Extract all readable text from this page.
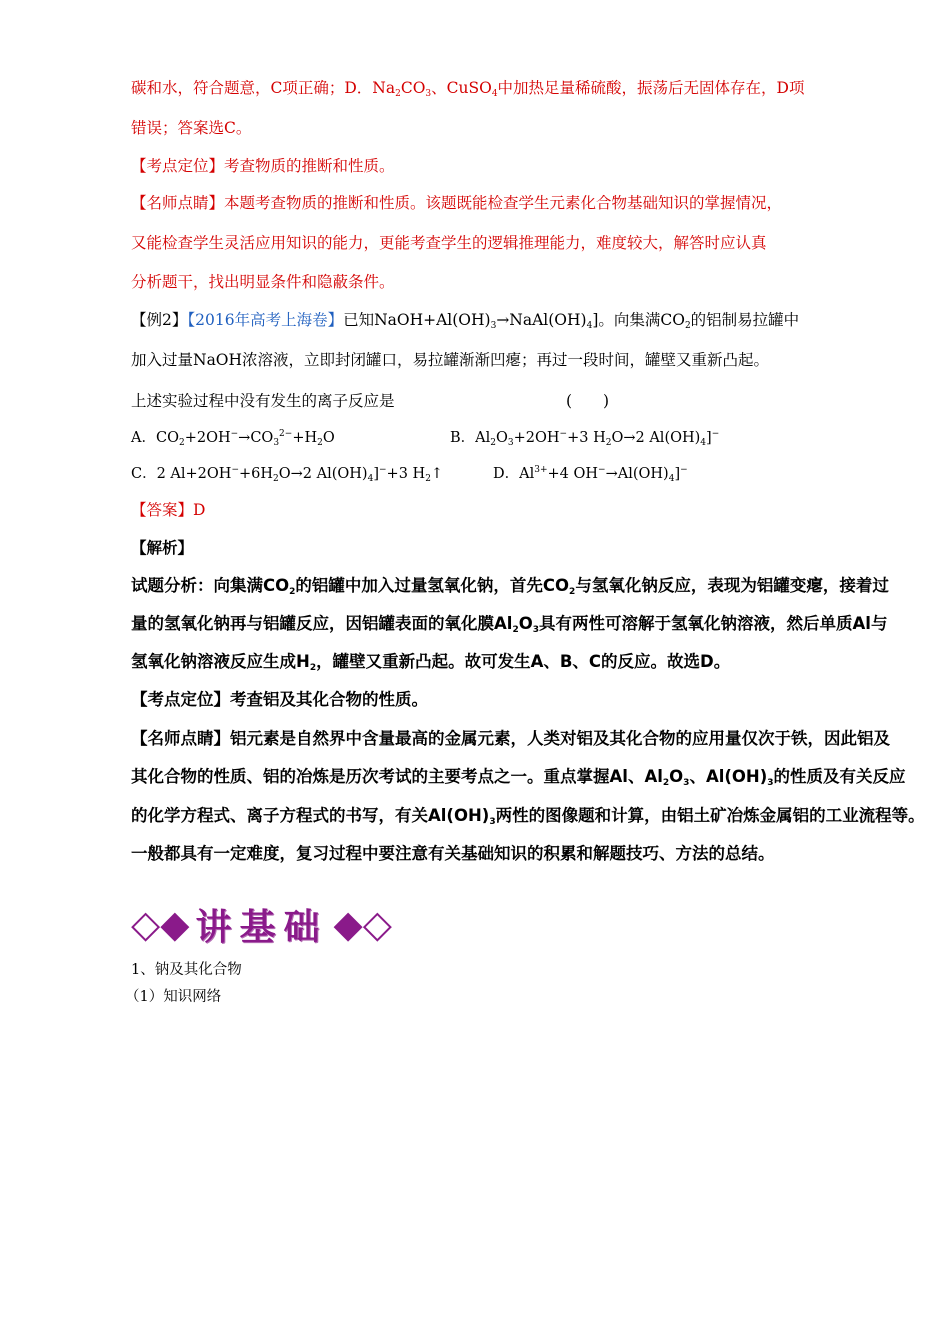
碳和水，符合题意，C项正确；D．$Na_2CO_3$、CuSO$_4$中加热足量稀硫酸，振荡后无固体存在，D项
错误；答案选C。
【考点定位】考查物质的推断和性质。
【名师点睛】本题考查物质的推断和性质。该题既能检查学生元素化合物基础知识的掌握情况，
又能检查学生灵活应用知识的能力，更能考查学生的逻辑推理能力，难度较大，解答时应认真
分析题干，找出明显条件和隐蔽条件。
【例2】【2016年高考上海卷】已知$NaOH+Al(OH)_3\to NaAl(OH)_4$]。向集满$CO_2$的铝制易拉罐中
加入过量NaOH浓溶液，立即封闭罐口，易拉罐渐渐凹瘪；再过一段时间，罐壁又重新凸起。
上述实验过程中没有发生的离子反应是	(　　)
A．$CO_2+2OH^-\to CO_3^{2-}+H_2O$	B．$Al_2O_3+2OH^-+3$ $H_2O\to 2$ $Al(OH)_4]^-$
C．2 $Al+2OH^-+6H_2O\to 2$ $Al(OH)_4]^-+3$ $H_2↑$	D．$Al^{3+}+4$ $OH^-\to Al(OH)_4]^-$
【答案】D
【解析】
试题分析：向集满$CO_2$的铝罐中加入过量氢氧化钠，首先$CO_2$与氢氧化钠反应，表现为铝罐变瘪，接着过
量的氢氧化钠再与铝罐反应，因铝罐表面的氧化膜$Al_2O_3$具有两性可溶解于氢氧化钠溶液，然后单质Al与
氢氧化钠溶液反应生成$H_2$，罐壁又重新凸起。故可发生A、B、C的反应。故选D。
【考点定位】考查铝及其化合物的性质。
【名师点睛】铝元素是自然界中含量最高的金属元素，人类对铝及其化合物的应用量仅次于铁，因此铝及
其化合物的性质、铝的冶炼是历次考试的主要考点之一。重点掌握Al、$Al_2O_3$、$Al(OH)_3$的性质及有关反应
的化学方程式、离子方程式的书写，有关$Al(OH)_3$两性的图像题和计算，由铝土矿冶炼金属铝的工业流程等。
一般都具有一定难度，复习过程中要注意有关基础知识的积累和解题技巧、方法的总结。
◇◆ 讲基础 ◆◇
1、钠及其化合物
（1）知识网络
